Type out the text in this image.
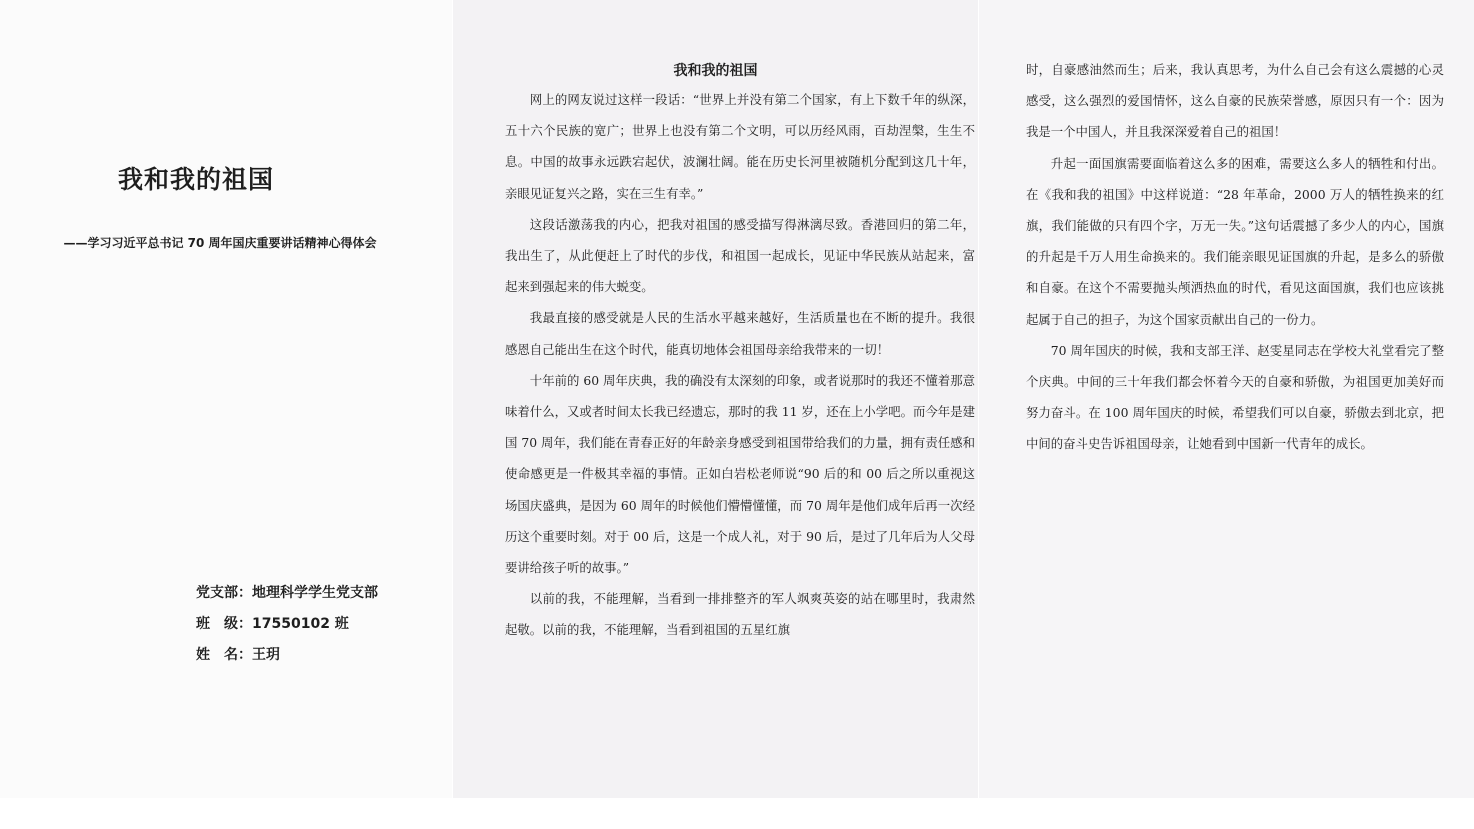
我和我的祖国
——学习习近平总书记 70 周年国庆重要讲话精神心得体会
党支部：地理科学学生党支部
班　级：17550102 班
姓　名：王玥
我和我的祖国

网上的网友说过这样一段话：“世界上并没有第二个国家，有上下数千年的纵深，五十六个民族的宽广；世界上也没有第二个文明，可以历经风雨，百劫涅槃，生生不息。中国的故事永远跌宕起伏，波澜壮阔。能在历史长河里被随机分配到这几十年，亲眼见证复兴之路，实在三生有幸。”

这段话激荡我的内心，把我对祖国的感受描写得淋漓尽致。香港回归的第二年，我出生了，从此便赶上了时代的步伐，和祖国一起成长，见证中华民族从站起来，富起来到强起来的伟大蜕变。

我最直接的感受就是人民的生活水平越来越好，生活质量也在不断的提升。我很感恩自己能出生在这个时代，能真切地体会祖国母亲给我带来的一切！

十年前的 60 周年庆典，我的确没有太深刻的印象，或者说那时的我还不懂着那意味着什么，又或者时间太长我已经遗忘，那时的我 11 岁，还在上小学吧。而今年是建国 70 周年，我们能在青春正好的年龄亲身感受到祖国带给我们的力量，拥有责任感和使命感更是一件极其幸福的事情。正如白岩松老师说“90 后的和 00 后之所以重视这场国庆盛典，是因为 60 周年的时候他们懵懵懂懂，而 70 周年是他们成年后再一次经历这个重要时刻。对于 00 后，这是一个成人礼，对于 90 后，是过了几年后为人父母要讲给孩子听的故事。”

以前的我，不能理解，当看到一排排整齐的军人飒爽英姿的站在哪里时，我肃然起敬。以前的我，不能理解，当看到祖国的五星红旗

时，自豪感油然而生；后来，我认真思考，为什么自己会有这么震撼的心灵感受，这么强烈的爱国情怀，这么自豪的民族荣誉感，原因只有一个：因为我是一个中国人，并且我深深爱着自己的祖国！

升起一面国旗需要面临着这么多的困难，需要这么多人的牺牲和付出。在《我和我的祖国》中这样说道：“28 年革命，2000 万人的牺牲换来的红旗，我们能做的只有四个字，万无一失。”这句话震撼了多少人的内心，国旗的升起是千万人用生命换来的。我们能亲眼见证国旗的升起，是多么的骄傲和自豪。在这个不需要抛头颅洒热血的时代，看见这面国旗，我们也应该挑起属于自己的担子，为这个国家贡献出自己的一份力。

70 周年国庆的时候，我和支部王洋、赵雯星同志在学校大礼堂看完了整个庆典。中间的三十年我们都会怀着今天的自豪和骄傲，为祖国更加美好而努力奋斗。在 100 周年国庆的时候，希望我们可以自豪，骄傲去到北京，把中间的奋斗史告诉祖国母亲，让她看到中国新一代青年的成长。
